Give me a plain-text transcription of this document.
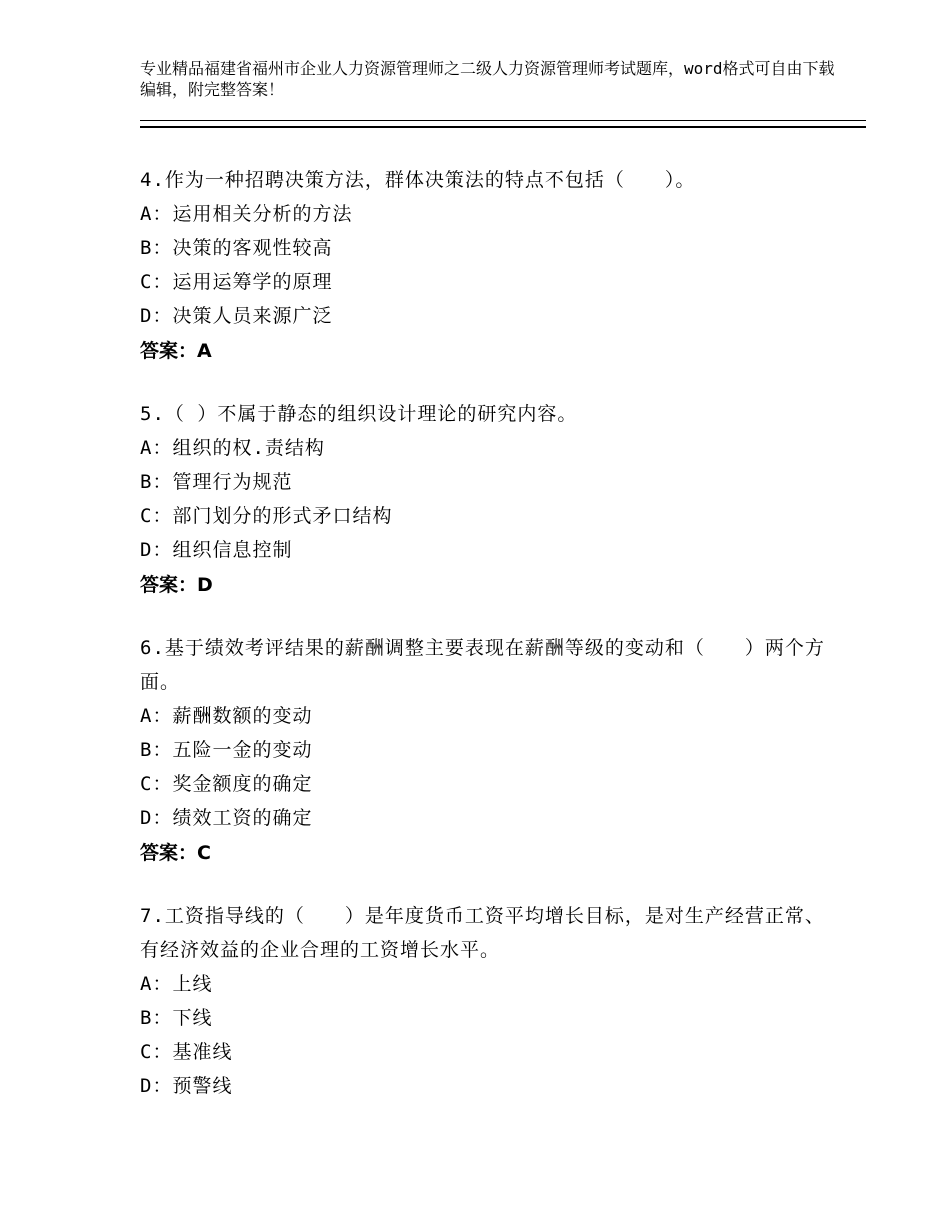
专业精品福建省福州市企业人力资源管理师之二级人力资源管理师考试题库，word格式可自由下载编辑，附完整答案！
4.作为一种招聘决策方法，群体决策法的特点不包括（　　）。
A：运用相关分析的方法
B：决策的客观性较高
C：运用运筹学的原理
D：决策人员来源广泛
答案：A
5.（ ）不属于静态的组织设计理论的研究内容。
A：组织的权.责结构
B：管理行为规范
C：部门划分的形式矛口结构
D：组织信息控制
答案：D
6.基于绩效考评结果的薪酬调整主要表现在薪酬等级的变动和（　　）两个方面。
A：薪酬数额的变动
B：五险一金的变动
C：奖金额度的确定
D：绩效工资的确定
答案：C
7.工资指导线的（　　）是年度货币工资平均增长目标，是对生产经营正常、有经济效益的企业合理的工资增长水平。
A：上线
B：下线
C：基准线
D：预警线
